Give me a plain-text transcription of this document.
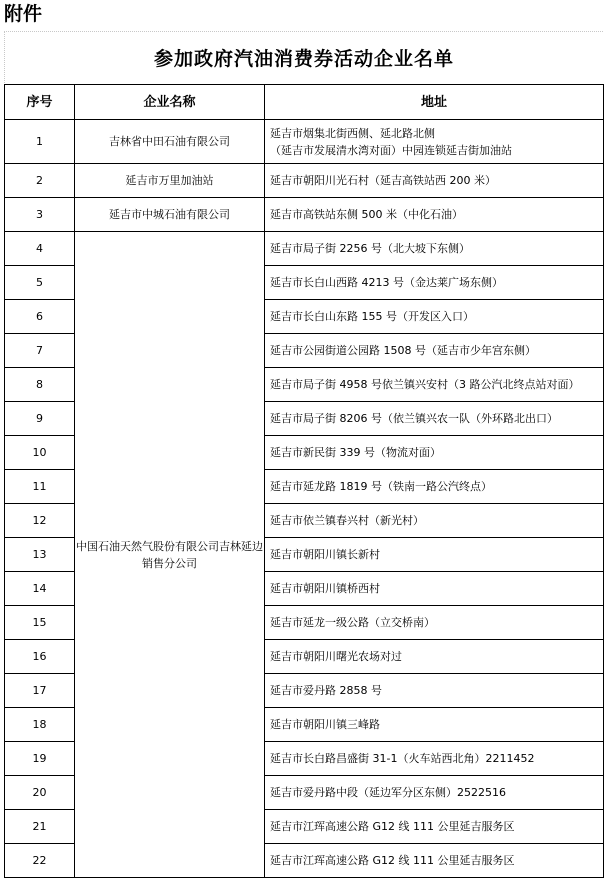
附件
参加政府汽油消费券活动企业名单
序号	企业名称	地址
1	吉林省中田石油有限公司	延吉市烟集北街西侧、延北路北侧
（延吉市发展清水湾对面）中园连锁延吉街加油站

2	延吉市万里加油站	延吉市朝阳川光石村（延吉高铁站西 200 米）
3	延吉市中城石油有限公司	延吉市高铁站东侧 500 米（中化石油）
4	中国石油天然气股份有限公司吉林延边销售分公司	延吉市局子街 2256 号（北大坡下东侧）
5		延吉市长白山西路 4213 号（金达莱广场东侧）
6		延吉市长白山东路 155 号（开发区入口）
7		延吉市公园街道公园路 1508 号（延吉市少年宫东侧）
8		延吉市局子街 4958 号依兰镇兴安村（3 路公汽北终点站对面）
9		延吉市局子街 8206 号（依兰镇兴农一队（外环路北出口）
10		延吉市新民街 339 号（物流对面）
11		延吉市延龙路 1819 号（铁南一路公汽终点）
12		延吉市依兰镇春兴村（新光村）
13		延吉市朝阳川镇长新村
14		延吉市朝阳川镇桥西村
15		延吉市延龙一级公路（立交桥南）
16		延吉市朝阳川曙光农场对过
17		延吉市爱丹路 2858 号
18		延吉市朝阳川镇三峰路
19		延吉市长白路昌盛街 31-1（火车站西北角）2211452
20		延吉市爱丹路中段（延边军分区东侧）2522516
21		延吉市江珲高速公路 G12 线 111 公里延吉服务区
22		延吉市江珲高速公路 G12 线 111 公里延吉服务区
